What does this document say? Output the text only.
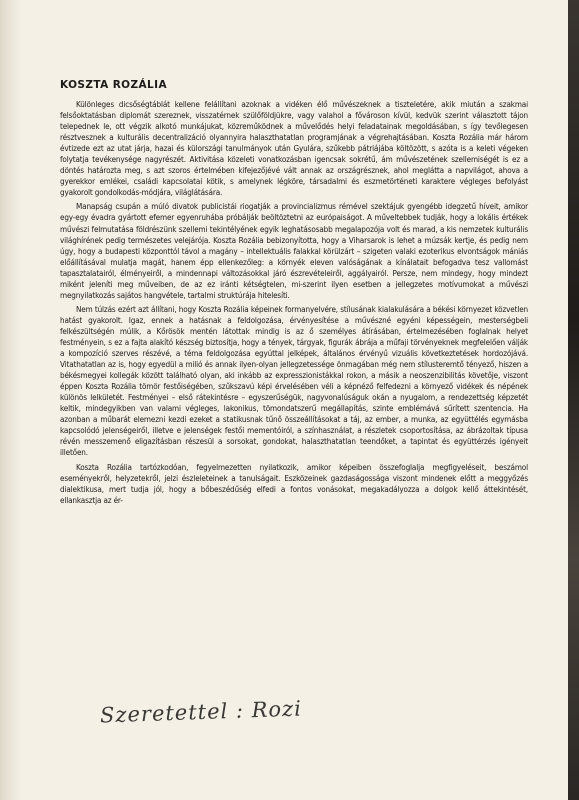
KOSZTA ROZÁLIA

Különleges dicsőségtáblát kellene felállítani azoknak a vidéken élő művészeknek a tiszteletére, akik miután a szakmai felsőoktatásban diplomát szereznek, visszatérnek szülőföldjükre, vagy valahol a fővároson kívül, kedvük szerint választott tájon telepednek le, ott végzik alkotó munkájukat, közreműködnek a művelődés helyi feladatainak megoldásában, s így tevőlegesen résztvesznek a kulturális decentralizáció olyannyira halaszthatatlan programjának a végrehajtásában. Koszta Rozália már három évtizede ezt az utat járja, hazai és külországi tanulmányok után Gyulára, szűkebb pátriájába költözött, s azóta is a keleti végeken folytatja tevékenysége nagyrészét. Aktivitása közeleti vonatkozásban igencsak sokrétű, ám művészetének szellemiségét is ez a döntés határozta meg, s azt szoros értelmében kifejezőjévé vált annak az országrésznek, ahol meglátta a napvilágot, ahova a gyerekkor emlékei, családi kapcsolatai kötik, s amelynek légköre, társadalmi és eszmetörténeti karaktere végleges befolyást gyakorolt gondolkodás-módjára, világlátására.

Manapság csupán a múló divatok publicistái riogatják a provincializmus rémével szektájuk gyengébb idegzetű híveit, amikor egy-egy évadra gyártott efemer egyenruhába próbálják beöltöztetni az európaiságot. A műveltebbek tudják, hogy a lokális értékek művészi felmutatása földrészünk szellemi tekintélyének egyik leghatásosabb megalapozója volt és marad, a kis nemzetek kulturális világhírének pedig természetes velejárója. Koszta Rozália bebizonyította, hogy a Viharsarok is lehet a múzsák kertje, és pedig nem úgy, hogy a budapesti központtól távol a magány – intellektuális falakkal körülzárt – szigeten valaki ezoterikus elvontságok mániás előállításával mulatja magát, hanem épp ellenkezőleg: a környék eleven valóságának a kínálatait befogadva tesz vallomást tapasztalatairól, élményeiről, a mindennapi változásokkal járó észrevételeiről, aggályairól. Persze, nem mindegy, hogy mindezt miként jeleníti meg műveiben, de az ez iránti kétségtelen, mi-szerint ilyen esetben a jellegzetes motívumokat a művészi megnyilatkozás sajátos hangvétele, tartalmi struktúrája hitelesíti.

Nem túlzás ezért azt állítani, hogy Koszta Rozália képeinek formanyelvére, stílusának kialakulására a békési környezet közvetlen hatást gyakorolt. Igaz, ennek a hatásnak a feldolgozása, érvényesítése a művészné egyéni képességein, mesterségbeli felkészültségén múlik, a Kőrösök mentén látottak mindig is az ő személyes átírásában, értelmezésében foglalnak helyet festményein, s ez a fajta alakító készség biztosítja, hogy a tények, tárgyak, figurák ábrája a műfaji törvényeknek megfelelően válják a kompozíció szerves részévé, a téma feldolgozása egyúttal jelképek, általános érvényű vizuális következtetések hordozójává. Vitathatatlan az is, hogy egyedül a milió és annak ilyen-olyan jellegzetessége önmagában még nem stílusteremtő tényező, hiszen a békésmegyei kollegák között található olyan, aki inkább az expresszionistákkal rokon, a másik a neoszenzibilitás követője, viszont éppen Koszta Rozália tömör festőiségében, szűkszavú képi érvelésében véli a képnéző felfedezni a környező vidékek és népének különös lelkületét. Festményei – első rátekintésre – egyszerűségük, nagyvonalúságuk okán a nyugalom, a rendezettség képzetét keltik, mindegyikben van valami végleges, lakonikus, tömondatszerű megállapítás, szinte emblémává sűrített szentencia. Ha azonban a műbarát elemezni kezdi ezeket a statikusnak tűnő összeállításokat a táj, az ember, a munka, az együttélés egymásba kapcsolódó jelenségeiről, illetve e jelenségek festői mementóiról, a színhasználat, a részletek csoportosítása, az ábrázoltak típusa révén messzemenő eligazításban részesül a sorsokat, gondokat, halaszthatatlan teendőket, a tapintat és együttérzés igényeit illetően.

Koszta Rozália tartózkodóan, fegyelmezetten nyilatkozik, amikor képeiben összefoglalja megfigyeléseit, beszámol eseményekről, helyzetekről, jelzi észleleteinek a tanulságait. Eszközeinek gazdaságossága viszont mindenek előtt a meggyőzés dialektikusa, mert tudja jól, hogy a bőbeszédűség elfedi a fontos vonásokat, megakadályozza a dolgok kellő áttekintését, ellankasztja az ér-

Szeretettel : Rozi
